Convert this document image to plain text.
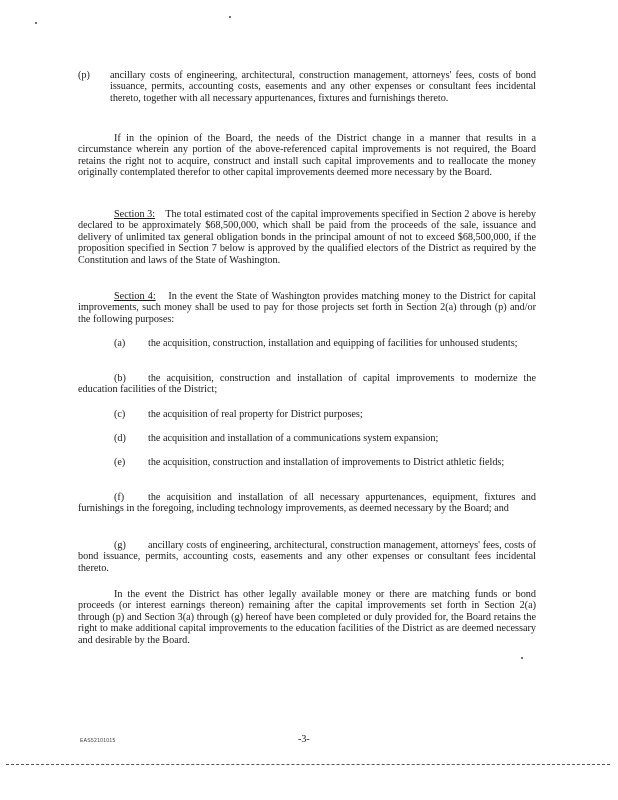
(p) ancillary costs of engineering, architectural, construction management, attorneys' fees, costs of bond issuance, permits, accounting costs, easements and any other expenses or consultant fees incidental thereto, together with all necessary appurtenances, fixtures and furnishings thereto.

If in the opinion of the Board, the needs of the District change in a manner that results in a circumstance wherein any portion of the above-referenced capital improvements is not required, the Board retains the right not to acquire, construct and install such capital improvements and to reallocate the money originally contemplated therefor to other capital improvements deemed more necessary by the Board.

Section 3: The total estimated cost of the capital improvements specified in Section 2 above is hereby declared to be approximately $68,500,000, which shall be paid from the proceeds of the sale, issuance and delivery of unlimited tax general obligation bonds in the principal amount of not to exceed $68,500,000, if the proposition specified in Section 7 below is approved by the qualified electors of the District as required by the Constitution and laws of the State of Washington.

Section 4: In the event the State of Washington provides matching money to the District for capital improvements, such money shall be used to pay for those projects set forth in Section 2(a) through (p) and/or the following purposes:

(a) the acquisition, construction, installation and equipping of facilities for unhoused students;

(b) the acquisition, construction and installation of capital improvements to modernize the education facilities of the District;

(c) the acquisition of real property for District purposes;

(d) the acquisition and installation of a communications system expansion;

(e) the acquisition, construction and installation of improvements to District athletic fields;

(f) the acquisition and installation of all necessary appurtenances, equipment, fixtures and furnishings in the foregoing, including technology improvements, as deemed necessary by the Board; and

(g) ancillary costs of engineering, architectural, construction management, attorneys' fees, costs of bond issuance, permits, accounting costs, easements and any other expenses or consultant fees incidental thereto.

In the event the District has other legally available money or there are matching funds or bond proceeds (or interest earnings thereon) remaining after the capital improvements set forth in Section 2(a) through (p) and Section 3(a) through (g) hereof have been completed or duly provided for, the Board retains the right to make additional capital improvements to the education facilities of the District as are deemed necessary and desirable by the Board.

EAS52101015	-3-
